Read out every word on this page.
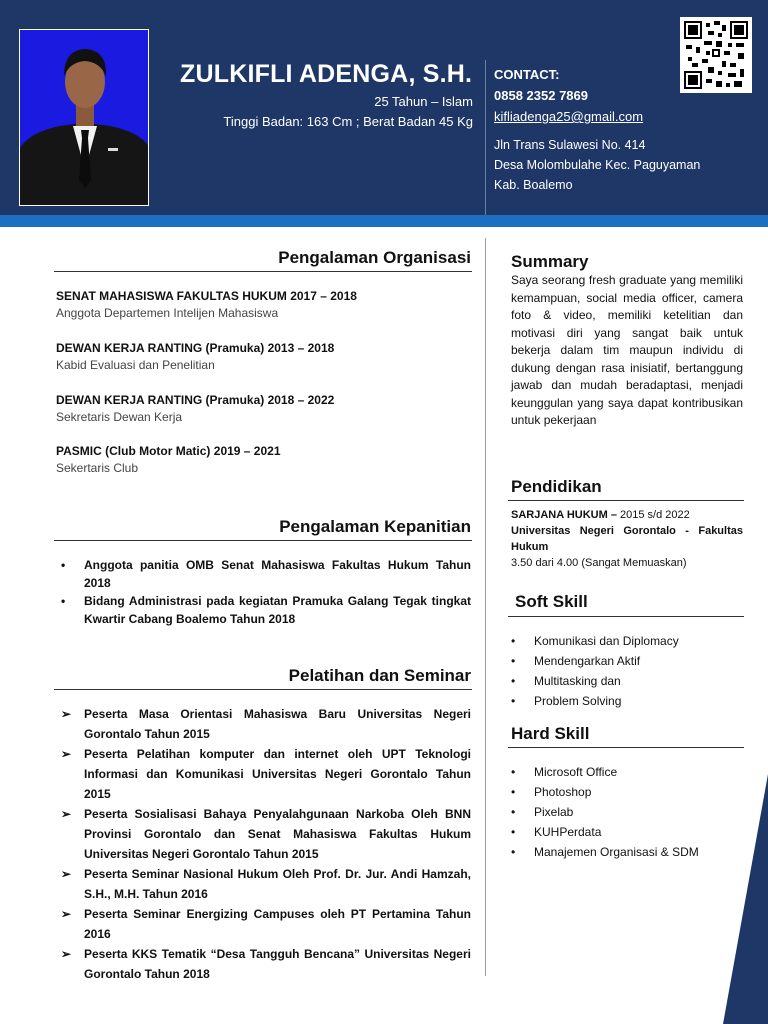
ZULKIFLI ADENGA, S.H.
25 Tahun – Islam
Tinggi Badan: 163 Cm ; Berat Badan 45 Kg
CONTACT:
0858 2352 7869
kifliadenga25@gmail.com
Jln Trans Sulawesi No. 414
Desa Molombulahe Kec. Paguyaman
Kab. Boalemo
Pengalaman Organisasi
SENAT MAHASISWA FAKULTAS HUKUM 2017 – 2018
Anggota Departemen Intelijen Mahasiswa
DEWAN KERJA RANTING (Pramuka) 2013 – 2018
Kabid Evaluasi dan Penelitian
DEWAN KERJA RANTING (Pramuka) 2018 – 2022
Sekretaris Dewan Kerja
PASMIC (Club Motor Matic) 2019 – 2021
Sekertaris Club
Pengalaman Kepanitian
• Anggota panitia OMB Senat Mahasiswa Fakultas Hukum Tahun 2018
• Bidang Administrasi pada kegiatan Pramuka Galang Tegak tingkat Kwartir Cabang Boalemo Tahun 2018
Pelatihan dan Seminar
➢ Peserta Masa Orientasi Mahasiswa Baru Universitas Negeri Gorontalo Tahun 2015
➢ Peserta Pelatihan komputer dan internet oleh UPT Teknologi Informasi dan Komunikasi Universitas Negeri Gorontalo Tahun 2015
➢ Peserta Sosialisasi Bahaya Penyalahgunaan Narkoba Oleh BNN Provinsi Gorontalo dan Senat Mahasiswa Fakultas Hukum Universitas Negeri Gorontalo Tahun 2015
➢ Peserta Seminar Nasional Hukum Oleh Prof. Dr. Jur. Andi Hamzah, S.H., M.H. Tahun 2016
➢ Peserta Seminar Energizing Campuses oleh PT Pertamina Tahun 2016
➢ Peserta KKS Tematik “Desa Tangguh Bencana” Universitas Negeri Gorontalo Tahun 2018
Summary
Saya seorang fresh graduate yang memiliki kemampuan, social media officer, camera foto & video, memiliki ketelitian dan motivasi diri yang sangat baik untuk bekerja dalam tim maupun individu di dukung dengan rasa inisiatif, bertanggung jawab dan mudah beradaptasi, menjadi keunggulan yang saya dapat kontribusikan untuk pekerjaan
Pendidikan
SARJANA HUKUM – 2015 s/d 2022
Universitas Negeri Gorontalo - Fakultas Hukum
3.50 dari 4.00 (Sangat Memuaskan)
Soft Skill
• Komunikasi dan Diplomacy
• Mendengarkan Aktif
• Multitasking dan
• Problem Solving
Hard Skill
• Microsoft Office
• Photoshop
• Pixelab
• KUHPerdata
• Manajemen Organisasi & SDM
